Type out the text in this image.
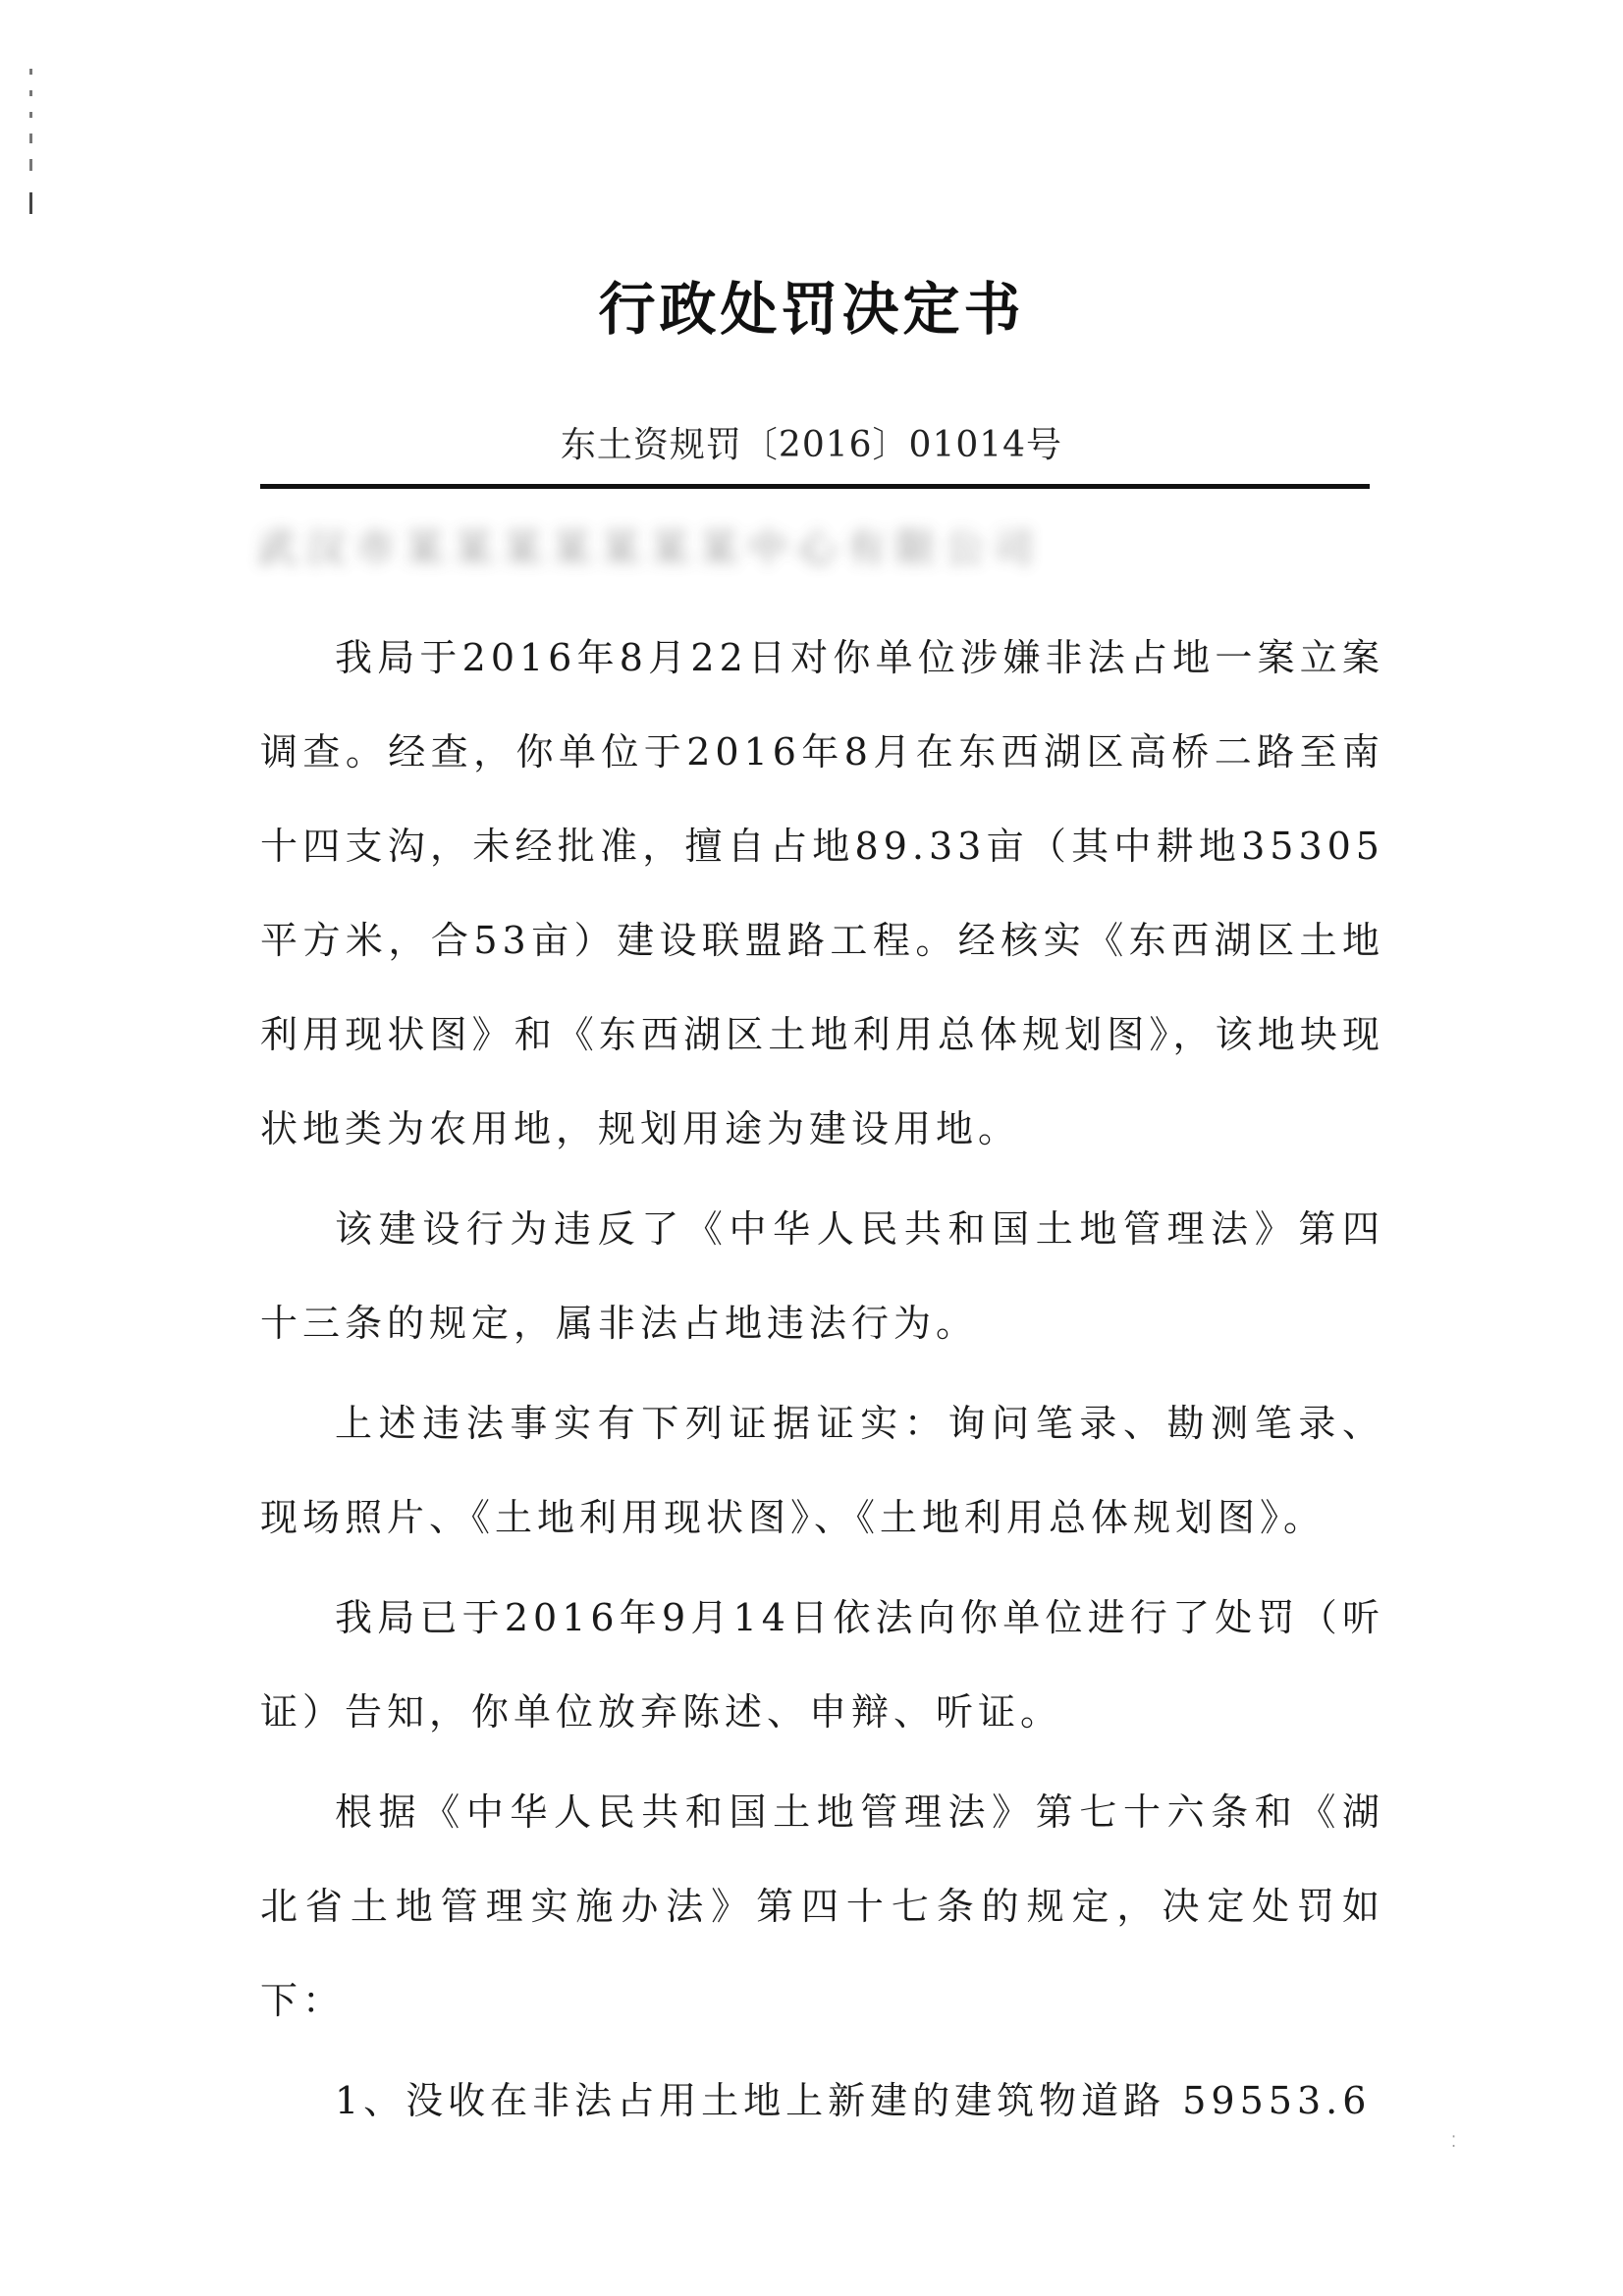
行政处罚决定书
东土资规罚〔2016〕01014号
武汉市某某某某某某某中心有限公司

我局于2016年8月22日对你单位涉嫌非法占地一案立案调查。经查，你单位于2016年8月在东西湖区高桥二路至南十四支沟，未经批准，擅自占地89.33亩（其中耕地35305平方米，合53亩）建设联盟路工程。经核实《东西湖区土地利用现状图》和《东西湖区土地利用总体规划图》，该地块现状地类为农用地，规划用途为建设用地。

该建设行为违反了《中华人民共和国土地管理法》第四十三条的规定，属非法占地违法行为。

上述违法事实有下列证据证实：询问笔录、勘测笔录、现场照片、《土地利用现状图》、《土地利用总体规划图》。

我局已于2016年9月14日依法向你单位进行了处罚（听证）告知，你单位放弃陈述、申辩、听证。

根据《中华人民共和国土地管理法》第七十六条和《湖北省土地管理实施办法》第四十七条的规定，决定处罚如下：

1、没收在非法占用土地上新建的建筑物道路 59553.6

⁚
